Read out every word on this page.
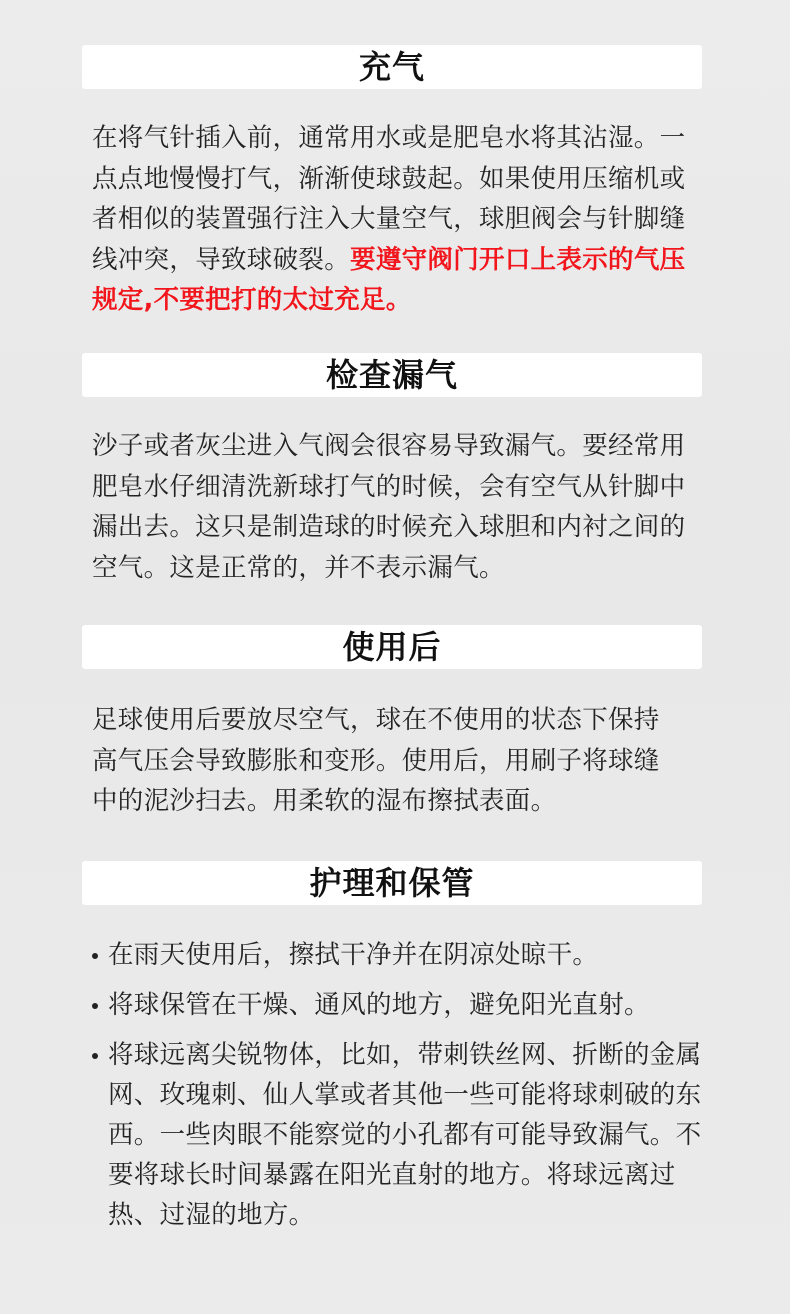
充气

在将气针插入前，通常用水或是肥皂水将其沾湿。一点点地慢慢打气，渐渐使球鼓起。如果使用压缩机或者相似的装置强行注入大量空气，球胆阀会与针脚缝线冲突，导致球破裂。要遵守阀门开口上表示的气压规定,不要把打的太过充足。

检查漏气

沙子或者灰尘进入气阀会很容易导致漏气。要经常用肥皂水仔细清洗新球打气的时候，会有空气从针脚中漏出去。这只是制造球的时候充入球胆和内衬之间的空气。这是正常的，并不表示漏气。

使用后

足球使用后要放尽空气，球在不使用的状态下保持高气压会导致膨胀和变形。使用后，用刷子将球缝中的泥沙扫去。用柔软的湿布擦拭表面。

护理和保管
在雨天使用后，擦拭干净并在阴凉处晾干。
将球保管在干燥、通风的地方，避免阳光直射。
将球远离尖锐物体，比如，带刺铁丝网、折断的金属网、玫瑰刺、仙人掌或者其他一些可能将球刺破的东西。一些肉眼不能察觉的小孔都有可能导致漏气。不要将球长时间暴露在阳光直射的地方。将球远离过热、过湿的地方。
